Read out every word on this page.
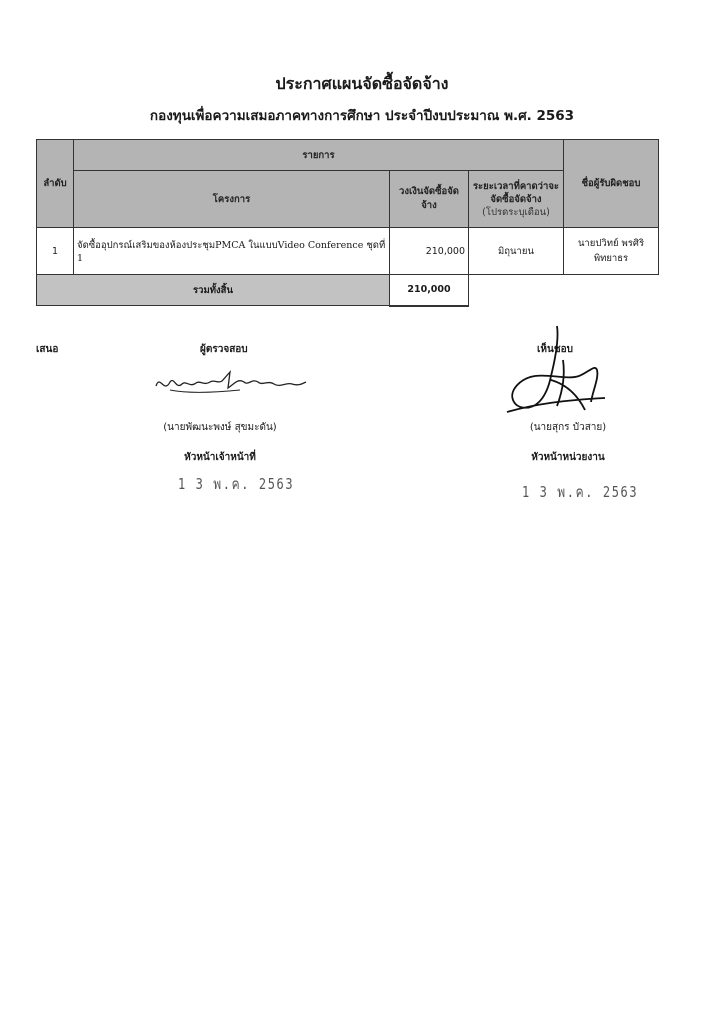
ประกาศแผนจัดซื้อจัดจ้าง
กองทุนเพื่อความเสมอภาคทางการศึกษา ประจำปีงบประมาณ พ.ศ. 2563
ลำดับ	รายการ			ชื่อผู้รับผิดชอบ
	โครงการ	วงเงินจัดซื้อจัด จ้าง	ระยะเวลาที่คาดว่าจะ จัดซื้อจัดจ้าง
(โปรดระบุเดือน)	

1	จัดซื้ออุปกรณ์เสริมของห้องประชุมPMCA ในแบบVideo Conference ชุดที่ 1	210,000	มิถุนายน	นายปวิทย์ พรศิริพิทยาธร
รวมทั้งสิ้น		210,000		
เสนอ	ผู้ตรวจสอบ	เห็นชอบ
(นายพัฒนะพงษ์ สุขมะดัน)	(นายสุกร บัวสาย)
หัวหน้าเจ้าหน้าที่	หัวหน้าหน่วยงาน
1 3 พ.ค. 2563	1 3 พ.ค. 2563
